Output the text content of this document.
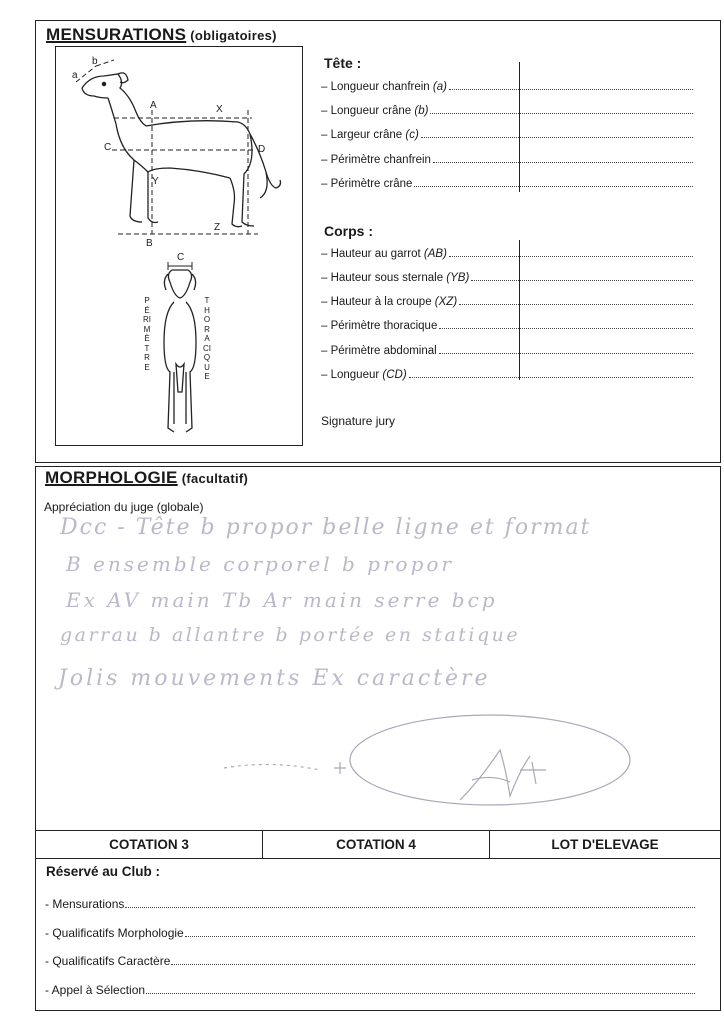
MENSURATIONS (obligatoires)
a
b
A	X
C	D
Y
Z
B
C
PÉRIMÈTRE
THORACIQUE
Tête :
– Longueur chanfrein (a)
– Longueur crâne (b)
– Largeur crâne (c)
– Périmètre chanfrein
– Périmètre crâne
Corps :
– Hauteur au garrot (AB)
– Hauteur sous sternale (YB)
– Hauteur à la croupe (XZ)
– Périmètre thoracique
– Périmètre abdominal
– Longueur (CD)
Signature jury
MORPHOLOGIE (facultatif)
Appréciation du juge (globale)
Dcc - Tête b propor belle ligne et format
B ensemble corporel b propor
Ex AV main Tb Ar main serre bcp
garrau b allantre b portée en statique
Jolis mouvements Ex caractère
COTATION 3	COTATION 4	LOT D'ELEVAGE
Réservé au Club :
- Mensurations
- Qualificatifs Morphologie
- Qualificatifs Caractère
- Appel à Sélection
